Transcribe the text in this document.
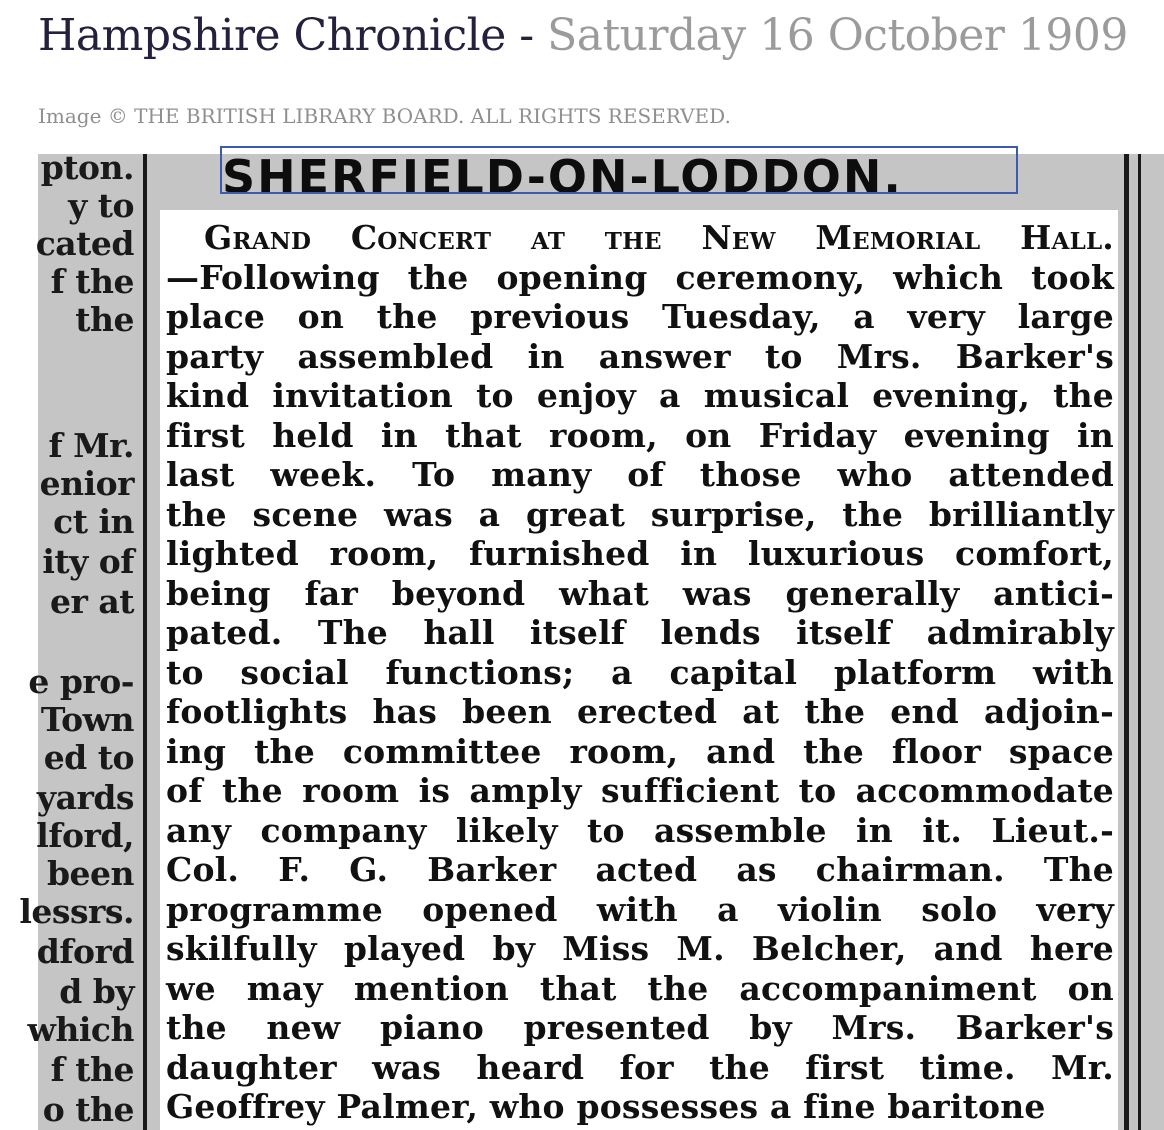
Hampshire Chronicle - Saturday 16 October 1909
Image © THE BRITISH LIBRARY BOARD. ALL RIGHTS RESERVED.
pton.
y to
cated
f the
the
f Mr.
enior
ct in
ity of
er at
e pro-
Town
ed to
yards
lford,
been
lessrs.
dford
d by
which
f the
o the
SHERFIELD-ON-LODDON.
Grand Concert at the New Memorial Hall.
—Following the opening ceremony, which took
place on the previous Tuesday, a very large
party assembled in answer to Mrs. Barker's
kind invitation to enjoy a musical evening, the
first held in that room, on Friday evening in
last week. To many of those who attended
the scene was a great surprise, the brilliantly
lighted room, furnished in luxurious comfort,
being far beyond what was generally antici-
pated. The hall itself lends itself admirably
to social functions; a capital platform with
footlights has been erected at the end adjoin-
ing the committee room, and the floor space
of the room is amply sufficient to accommodate
any company likely to assemble in it. Lieut.-
Col. F. G. Barker acted as chairman. The
programme opened with a violin solo very
skilfully played by Miss M. Belcher, and here
we may mention that the accompaniment on
the new piano presented by Mrs. Barker's
daughter was heard for the first time. Mr.
Geoffrey Palmer, who possesses a fine baritone
